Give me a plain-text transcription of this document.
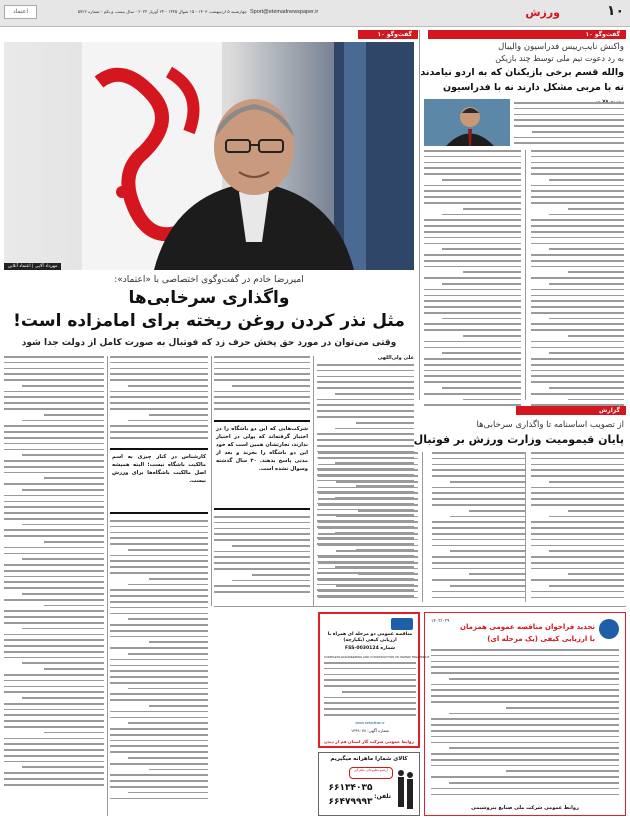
۱۰
ورزش
Sport@etemadnewspaper.ir
چهارشنبه ۵ اردیبهشت ۱۴۰۳ - ۱۵ شوال ۱۴۴۵ - ۲۴ آوریل ۲۰۲۴ - سال بیست و یکم - شماره ۵۷۲۶
اعتماد
گفت‌و‌گو ۱۰
واکنش نایب‌رییس فدراسیون والیبال
به رد دعوت تیم ملی توسط چند بازیکن
والله قسم برخی بازیکنان که به اردو نیامدند
نه با مربی مشکل دارند نه با فدراسیون
گزارش
از تصویب اساسنامه تا واگذاری سرخابی‌ها
پایان قیمومیت وزارت ورزش بر فوتبال
گفت‌و‌گو ۱۰
مهرداد آلایی | اعتماد آنلاین
امیررضا خادم در گفت‌وگوی اختصاصی با «اعتماد»:
واگذاری سرخابی‌ها
مثل نذر کردن روغن ریخته برای امامزاده است!
وقتی می‌توان در مورد حق پخش حرف زد که فوتبال به صورت کامل از دولت جدا شود
علی ولی‌اللهی
شرکت‌هایی که این دو باشگاه را در اختیار گرفته‌اند که پولی در اختیار ندارند، تجارتشان همین است که خود این دو باشگاه را بخرند و بعد از مدتی پاسخ بدهند. ۳۰ سال گذشته وسوال نشده است.
کارشناس در کنار چیزی به اسم مالکیت باشگاه نیست؛ البته همیشه اصل مالکیت باشگاه‌ها برای ورزش نیست.
۱۴۰۳/۰۳۹
تجدید فراخوان مناقصه عمومی همزمان
با ارزیابی کیفی (یک مرحله ای)
روابط عمومی شرکت ملی صنایع پتروشیمی
مناقصه عمومی دو مرحله ای همراه با ارزیابی کیفی (یکپارچه)
شماره FSS-0030124
COMPLETE ENGINEERING AND CONSTRUCTION OF WATER TREATMENT
www.setadiran.ir
شماره آگهی: ۱۳۹۹۰۷۸
روابط عمومی شرکت گاز استان قم از دیدن
کالای شمارا ماهرانه میگیریم
آرشیو مطبوعاتی ماهرگیر
تلفن:
۶۶۱۳۴۰۳۵
۶۶۴۷۹۹۹۳
